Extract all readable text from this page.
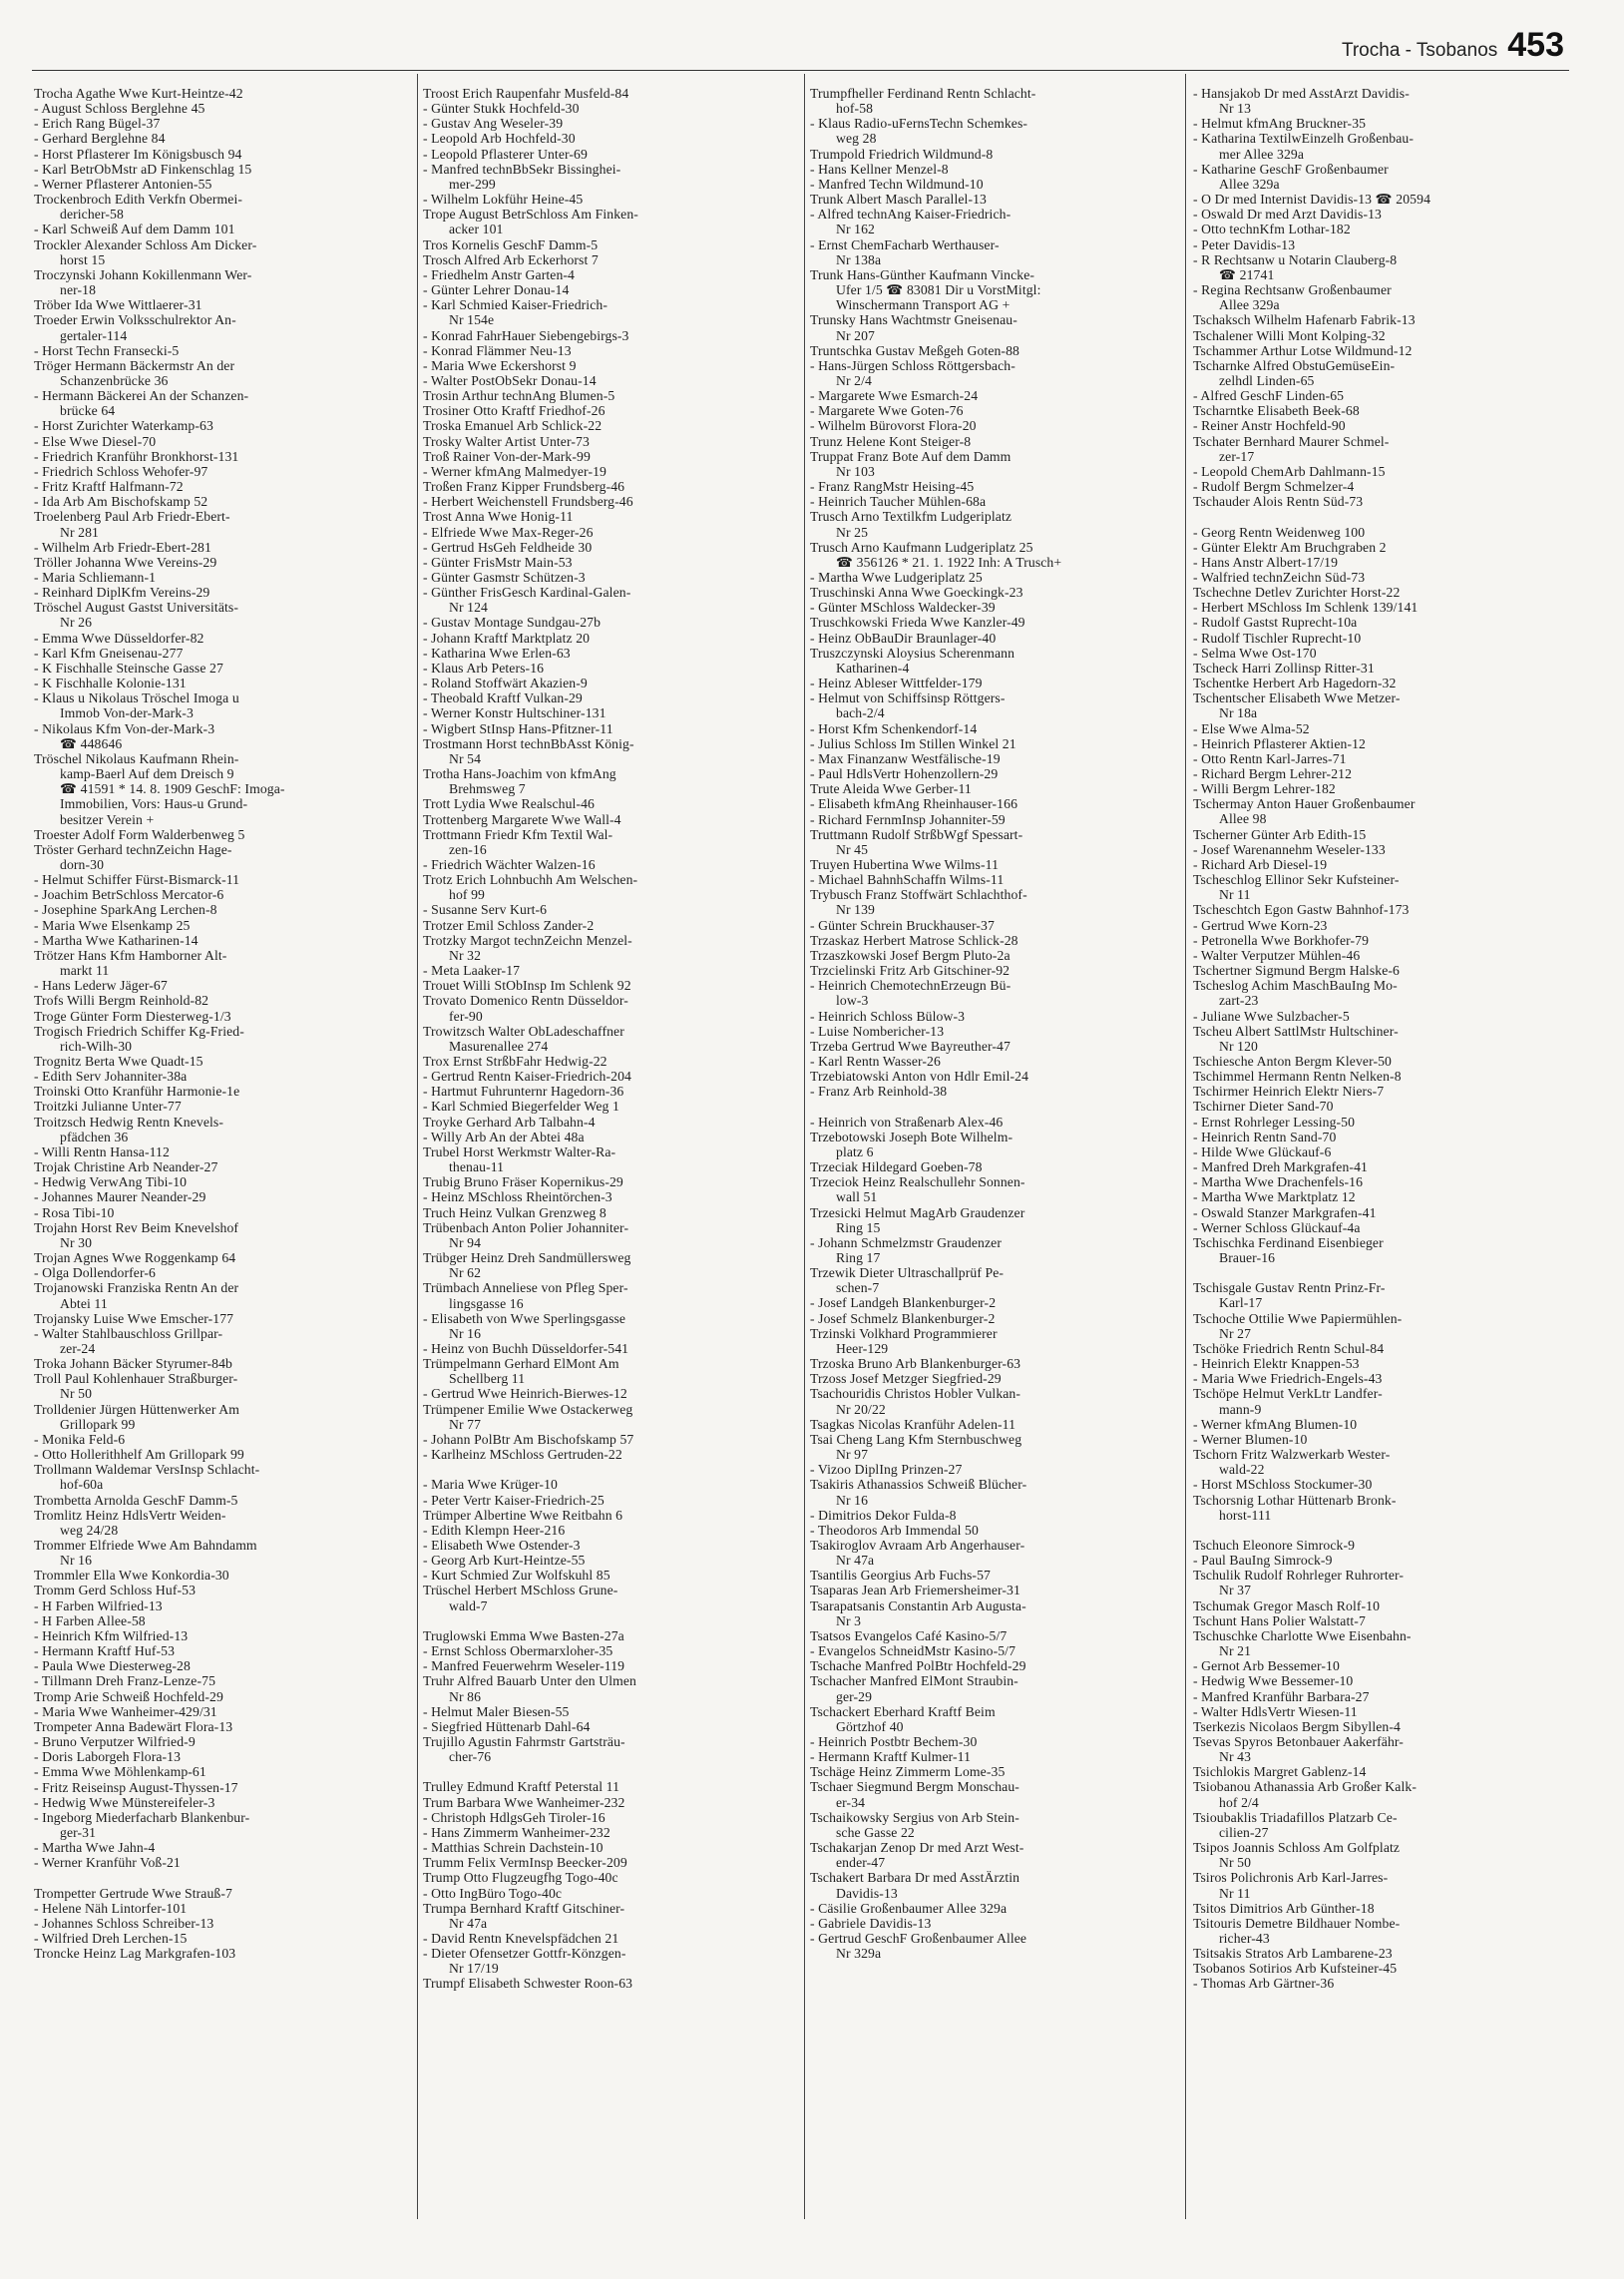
Trocha - Tsobanos 453
Trocha Agathe Wwe Kurt-Heintze-42
- August Schloss Berglehne 45
- Erich Rang Bügel-37
- Gerhard Berglehne 84
- Horst Pflasterer Im Königsbusch 94
- Karl BetrObMstr aD Finkenschlag 15
- Werner Pflasterer Antonien-55
Trockenbroch Edith Verkfn Obermei-
dericher-58
- Karl Schweiß Auf dem Damm 101
Trockler Alexander Schloss Am Dicker-
horst 15
Troczynski Johann Kokillenmann Wer-
ner-18
Tröber Ida Wwe Wittlaerer-31
Troeder Erwin Volksschulrektor An-
gertaler-114
- Horst Techn Fransecki-5
Tröger Hermann Bäckermstr An der
Schanzenbrücke 36
- Hermann Bäckerei An der Schanzen-
brücke 64
- Horst Zurichter Waterkamp-63
- Else Wwe Diesel-70
- Friedrich Kranführ Bronkhorst-131
- Friedrich Schloss Wehofer-97
- Fritz Kraftf Halfmann-72
- Ida Arb Am Bischofskamp 52
Troelenberg Paul Arb Friedr-Ebert-
Nr 281
- Wilhelm Arb Friedr-Ebert-281
Tröller Johanna Wwe Vereins-29
- Maria Schliemann-1
- Reinhard DiplKfm Vereins-29
Tröschel August Gastst Universitäts-
Nr 26
- Emma Wwe Düsseldorfer-82
- Karl Kfm Gneisenau-277
- K Fischhalle Steinsche Gasse 27
- K Fischhalle Kolonie-131
- Klaus u Nikolaus Tröschel Imoga u
Immob Von-der-Mark-3
- Nikolaus Kfm Von-der-Mark-3
☎ 448646
Tröschel Nikolaus Kaufmann Rhein-
kamp-Baerl Auf dem Dreisch 9
☎ 41591 * 14. 8. 1909 GeschF: Imoga-
Immobilien, Vors: Haus-u Grund-
besitzer Verein +
Troester Adolf Form Walderbenweg 5
Tröster Gerhard technZeichn Hage-
dorn-30
- Helmut Schiffer Fürst-Bismarck-11
- Joachim BetrSchloss Mercator-6
- Josephine SparkAng Lerchen-8
- Maria Wwe Elsenkamp 25
- Martha Wwe Katharinen-14
Trötzer Hans Kfm Hamborner Alt-
markt 11
- Hans Lederw Jäger-67
Trofs Willi Bergm Reinhold-82
Troge Günter Form Diesterweg-1/3
Trogisch Friedrich Schiffer Kg-Fried-
rich-Wilh-30
Trognitz Berta Wwe Quadt-15
- Edith Serv Johanniter-38a
Troinski Otto Kranführ Harmonie-1e
Troitzki Julianne Unter-77
Troitzsch Hedwig Rentn Knevels-
pfädchen 36
- Willi Rentn Hansa-112
Trojak Christine Arb Neander-27
- Hedwig VerwAng Tibi-10
- Johannes Maurer Neander-29
- Rosa Tibi-10
Trojahn Horst Rev Beim Knevelshof
Nr 30
Trojan Agnes Wwe Roggenkamp 64
- Olga Dollendorfer-6
Trojanowski Franziska Rentn An der
Abtei 11
Trojansky Luise Wwe Emscher-177
- Walter Stahlbauschloss Grillpar-
zer-24
Troka Johann Bäcker Styrumer-84b
Troll Paul Kohlenhauer Straßburger-
Nr 50
Trolldenier Jürgen Hüttenwerker Am
Grillopark 99
- Monika Feld-6
- Otto Hollerithhelf Am Grillopark 99
Trollmann Waldemar VersInsp Schlacht-
hof-60a
Trombetta Arnolda GeschF Damm-5
Tromlitz Heinz HdlsVertr Weiden-
weg 24/28
Trommer Elfriede Wwe Am Bahndamm
Nr 16
Trommler Ella Wwe Konkordia-30
Tromm Gerd Schloss Huf-53
- H Farben Wilfried-13
- H Farben Allee-58
- Heinrich Kfm Wilfried-13
- Hermann Kraftf Huf-53
- Paula Wwe Diesterweg-28
- Tillmann Dreh Franz-Lenze-75
Tromp Arie Schweiß Hochfeld-29
- Maria Wwe Wanheimer-429/31
Trompeter Anna Badewärt Flora-13
- Bruno Verputzer Wilfried-9
- Doris Laborgeh Flora-13
- Emma Wwe Möhlenkamp-61
- Fritz Reiseinsp August-Thyssen-17
- Hedwig Wwe Münstereifeler-3
- Ingeborg Miederfacharb Blankenbur-
ger-31
- Martha Wwe Jahn-4
- Werner Kranführ Voß-21
Trompetter Gertrude Wwe Strauß-7
- Helene Näh Lintorfer-101
- Johannes Schloss Schreiber-13
- Wilfried Dreh Lerchen-15
Troncke Heinz Lag Markgrafen-103
Troost Erich Raupenfahr Musfeld-84
- Günter Stukk Hochfeld-30
- Gustav Ang Weseler-39
- Leopold Arb Hochfeld-30
- Leopold Pflasterer Unter-69
- Manfred technBbSekr Bissinghei-
mer-299
- Wilhelm Lokführ Heine-45
Trope August BetrSchloss Am Finken-
acker 101
Tros Kornelis GeschF Damm-5
Trosch Alfred Arb Eckerhorst 7
- Friedhelm Anstr Garten-4
- Günter Lehrer Donau-14
- Karl Schmied Kaiser-Friedrich-
Nr 154e
- Konrad FahrHauer Siebengebirgs-3
- Konrad Flämmer Neu-13
- Maria Wwe Eckershorst 9
- Walter PostObSekr Donau-14
Trosin Arthur technAng Blumen-5
Trosiner Otto Kraftf Friedhof-26
Troska Emanuel Arb Schlick-22
Trosky Walter Artist Unter-73
Troß Rainer Von-der-Mark-99
- Werner kfmAng Malmedyer-19
Troßen Franz Kipper Frundsberg-46
- Herbert Weichenstell Frundsberg-46
Trost Anna Wwe Honig-11
- Elfriede Wwe Max-Reger-26
- Gertrud HsGeh Feldheide 30
- Günter FrisMstr Main-53
- Günter Gasmstr Schützen-3
- Günther FrisGesch Kardinal-Galen-
Nr 124
- Gustav Montage Sundgau-27b
- Johann Kraftf Marktplatz 20
- Katharina Wwe Erlen-63
- Klaus Arb Peters-16
- Roland Stoffwärt Akazien-9
- Theobald Kraftf Vulkan-29
- Werner Konstr Hultschiner-131
- Wigbert StInsp Hans-Pfitzner-11
Trostmann Horst technBbAsst König-
Nr 54
Trotha Hans-Joachim von kfmAng
Brehmsweg 7
Trott Lydia Wwe Realschul-46
Trottenberg Margarete Wwe Wall-4
Trottmann Friedr Kfm Textil Wal-
zen-16
- Friedrich Wächter Walzen-16
Trotz Erich Lohnbuchh Am Welschen-
hof 99
- Susanne Serv Kurt-6
Trotzer Emil Schloss Zander-2
Trotzky Margot technZeichn Menzel-
Nr 32
- Meta Laaker-17
Trouet Willi StObInsp Im Schlenk 92
Trovato Domenico Rentn Düsseldor-
fer-90
Trowitzsch Walter ObLadeschaffner
Masurenallee 274
Trox Ernst StrßbFahr Hedwig-22
- Gertrud Rentn Kaiser-Friedrich-204
- Hartmut Fuhrunternr Hagedorn-36
- Karl Schmied Biegerfelder Weg 1
Troyke Gerhard Arb Talbahn-4
- Willy Arb An der Abtei 48a
Trubel Horst Werkmstr Walter-Ra-
thenau-11
Trubig Bruno Fräser Kopernikus-29
- Heinz MSchloss Rheintörchen-3
Truch Heinz Vulkan Grenzweg 8
Trübenbach Anton Polier Johanniter-
Nr 94
Trübger Heinz Dreh Sandmüllersweg
Nr 62
Trümbach Anneliese von Pfleg Sper-
lingsgasse 16
- Elisabeth von Wwe Sperlingsgasse
Nr 16
- Heinz von Buchh Düsseldorfer-541
Trümpelmann Gerhard ElMont Am
Schellberg 11
- Gertrud Wwe Heinrich-Bierwes-12
Trümpener Emilie Wwe Ostackerweg
Nr 77
- Johann PolBtr Am Bischofskamp 57
- Karlheinz MSchloss Gertruden-22
- Maria Wwe Krüger-10
- Peter Vertr Kaiser-Friedrich-25
Trümper Albertine Wwe Reitbahn 6
- Edith Klempn Heer-216
- Elisabeth Wwe Ostender-3
- Georg Arb Kurt-Heintze-55
- Kurt Schmied Zur Wolfskuhl 85
Trüschel Herbert MSchloss Grune-
wald-7
Truglowski Emma Wwe Basten-27a
- Ernst Schloss Obermarxloher-35
- Manfred Feuerwehrm Weseler-119
Truhr Alfred Bauarb Unter den Ulmen
Nr 86
- Helmut Maler Biesen-55
- Siegfried Hüttenarb Dahl-64
Trujillo Agustin Fahrmstr Gartsträu-
cher-76
Trulley Edmund Kraftf Peterstal 11
Trum Barbara Wwe Wanheimer-232
- Christoph HdlgsGeh Tiroler-16
- Hans Zimmerm Wanheimer-232
- Matthias Schrein Dachstein-10
Trumm Felix VermInsp Beecker-209
Trump Otto Flugzeugfhg Togo-40c
- Otto IngBüro Togo-40c
Trumpa Bernhard Kraftf Gitschiner-
Nr 47a
- David Rentn Knevelspfädchen 21
- Dieter Ofensetzer Gottfr-Könzgen-
Nr 17/19
Trumpf Elisabeth Schwester Roon-63
Trumpfheller Ferdinand Rentn Schlacht-
hof-58
- Klaus Radio-uFernsTechn Schemkes-
weg 28
Trumpold Friedrich Wildmund-8
- Hans Kellner Menzel-8
- Manfred Techn Wildmund-10
Trunk Albert Masch Parallel-13
- Alfred technAng Kaiser-Friedrich-
Nr 162
- Ernst ChemFacharb Werthauser-
Nr 138a
Trunk Hans-Günther Kaufmann Vincke-
Ufer 1/5 ☎ 83081 Dir u VorstMitgl:
Winschermann Transport AG +
Trunsky Hans Wachtmstr Gneisenau-
Nr 207
Truntschka Gustav Meßgeh Goten-88
- Hans-Jürgen Schloss Röttgersbach-
Nr 2/4
- Margarete Wwe Esmarch-24
- Margarete Wwe Goten-76
- Wilhelm Bürovorst Flora-20
Trunz Helene Kont Steiger-8
Truppat Franz Bote Auf dem Damm
Nr 103
- Franz RangMstr Heising-45
- Heinrich Taucher Mühlen-68a
Trusch Arno Textilkfm Ludgeriplatz
Nr 25
Trusch Arno Kaufmann Ludgeriplatz 25
☎ 356126 * 21. 1. 1922 Inh: A Trusch+
- Martha Wwe Ludgeriplatz 25
Truschinski Anna Wwe Goeckingk-23
- Günter MSchloss Waldecker-39
Truschkowski Frieda Wwe Kanzler-49
- Heinz ObBauDir Braunlager-40
Truszczynski Aloysius Scherenmann
Katharinen-4
- Heinz Ableser Wittfelder-179
- Helmut von Schiffsinsp Röttgers-
bach-2/4
- Horst Kfm Schenkendorf-14
- Julius Schloss Im Stillen Winkel 21
- Max Finanzanw Westfälische-19
- Paul HdlsVertr Hohenzollern-29
Trute Aleida Wwe Gerber-11
- Elisabeth kfmAng Rheinhauser-166
- Richard FernmInsp Johanniter-59
Truttmann Rudolf StrßbWgf Spessart-
Nr 45
Truyen Hubertina Wwe Wilms-11
- Michael BahnhSchaffn Wilms-11
Trybusch Franz Stoffwärt Schlachthof-
Nr 139
- Günter Schrein Bruckhauser-37
Trzaskaz Herbert Matrose Schlick-28
Trzaszkowski Josef Bergm Pluto-2a
Trzcielinski Fritz Arb Gitschiner-92
- Heinrich ChemotechnErzeugn Bü-
low-3
- Heinrich Schloss Bülow-3
- Luise Nombericher-13
Trzeba Gertrud Wwe Bayreuther-47
- Karl Rentn Wasser-26
Trzebiatowski Anton von Hdlr Emil-24
- Franz Arb Reinhold-38
- Heinrich von Straßenarb Alex-46
Trzebotowski Joseph Bote Wilhelm-
platz 6
Trzeciak Hildegard Goeben-78
Trzeciok Heinz Realschullehr Sonnen-
wall 51
Trzesicki Helmut MagArb Graudenzer
Ring 15
- Johann Schmelzmstr Graudenzer
Ring 17
Trzewik Dieter Ultraschallprüf Pe-
schen-7
- Josef Landgeh Blankenburger-2
- Josef Schmelz Blankenburger-2
Trzinski Volkhard Programmierer
Heer-129
Trzoska Bruno Arb Blankenburger-63
Trzoss Josef Metzger Siegfried-29
Tsachouridis Christos Hobler Vulkan-
Nr 20/22
Tsagkas Nicolas Kranführ Adelen-11
Tsai Cheng Lang Kfm Sternbuschweg
Nr 97
- Vizoo DiplIng Prinzen-27
Tsakiris Athanassios Schweiß Blücher-
Nr 16
- Dimitrios Dekor Fulda-8
- Theodoros Arb Immendal 50
Tsakiroglov Avraam Arb Angerhauser-
Nr 47a
Tsantilis Georgius Arb Fuchs-57
Tsaparas Jean Arb Friemersheimer-31
Tsarapatsanis Constantin Arb Augusta-
Nr 3
Tsatsos Evangelos Café Kasino-5/7
- Evangelos SchneidMstr Kasino-5/7
Tschache Manfred PolBtr Hochfeld-29
Tschacher Manfred ElMont Straubin-
ger-29
Tschackert Eberhard Kraftf Beim
Görtzhof 40
- Heinrich Postbtr Bechem-30
- Hermann Kraftf Kulmer-11
Tschäge Heinz Zimmerm Lome-35
Tschaer Siegmund Bergm Monschau-
er-34
Tschaikowsky Sergius von Arb Stein-
sche Gasse 22
Tschakarjan Zenop Dr med Arzt West-
ender-47
Tschakert Barbara Dr med AsstÄrztin
Davidis-13
- Cäsilie Großenbaumer Allee 329a
- Gabriele Davidis-13
- Gertrud GeschF Großenbaumer Allee
Nr 329a
- Hansjakob Dr med AsstArzt Davidis-
Nr 13
- Helmut kfmAng Bruckner-35
- Katharina TextilwEinzelh Großenbau-
mer Allee 329a
- Katharine GeschF Großenbaumer
Allee 329a
- O Dr med Internist Davidis-13 ☎ 20594
- Oswald Dr med Arzt Davidis-13
- Otto technKfm Lothar-182
- Peter Davidis-13
- R Rechtsanw u Notarin Clauberg-8
☎ 21741
- Regina Rechtsanw Großenbaumer
Allee 329a
Tschaksch Wilhelm Hafenarb Fabrik-13
Tschalener Willi Mont Kolping-32
Tschammer Arthur Lotse Wildmund-12
Tscharnke Alfred ObstuGemüseEin-
zelhdl Linden-65
- Alfred GeschF Linden-65
Tscharntke Elisabeth Beek-68
- Reiner Anstr Hochfeld-90
Tschater Bernhard Maurer Schmel-
zer-17
- Leopold ChemArb Dahlmann-15
- Rudolf Bergm Schmelzer-4
Tschauder Alois Rentn Süd-73
- Georg Rentn Weidenweg 100
- Günter Elektr Am Bruchgraben 2
- Hans Anstr Albert-17/19
- Walfried technZeichn Süd-73
Tschechne Detlev Zurichter Horst-22
- Herbert MSchloss Im Schlenk 139/141
- Rudolf Gastst Ruprecht-10a
- Rudolf Tischler Ruprecht-10
- Selma Wwe Ost-170
Tscheck Harri Zollinsp Ritter-31
Tschentke Herbert Arb Hagedorn-32
Tschentscher Elisabeth Wwe Metzer-
Nr 18a
- Else Wwe Alma-52
- Heinrich Pflasterer Aktien-12
- Otto Rentn Karl-Jarres-71
- Richard Bergm Lehrer-212
- Willi Bergm Lehrer-182
Tschermay Anton Hauer Großenbaumer
Allee 98
Tscherner Günter Arb Edith-15
- Josef Warenannehm Weseler-133
- Richard Arb Diesel-19
Tscheschlog Ellinor Sekr Kufsteiner-
Nr 11
Tscheschtch Egon Gastw Bahnhof-173
- Gertrud Wwe Korn-23
- Petronella Wwe Borkhofer-79
- Walter Verputzer Mühlen-46
Tschertner Sigmund Bergm Halske-6
Tscheslog Achim MaschBauIng Mo-
zart-23
- Juliane Wwe Sulzbacher-5
Tscheu Albert SattlMstr Hultschiner-
Nr 120
Tschiesche Anton Bergm Klever-50
Tschimmel Hermann Rentn Nelken-8
Tschirmer Heinrich Elektr Niers-7
Tschirner Dieter Sand-70
- Ernst Rohrleger Lessing-50
- Heinrich Rentn Sand-70
- Hilde Wwe Glückauf-6
- Manfred Dreh Markgrafen-41
- Martha Wwe Drachenfels-16
- Martha Wwe Marktplatz 12
- Oswald Stanzer Markgrafen-41
- Werner Schloss Glückauf-4a
Tschischka Ferdinand Eisenbieger
Brauer-16
Tschisgale Gustav Rentn Prinz-Fr-
Karl-17
Tschoche Ottilie Wwe Papiermühlen-
Nr 27
Tschöke Friedrich Rentn Schul-84
- Heinrich Elektr Knappen-53
- Maria Wwe Friedrich-Engels-43
Tschöpe Helmut VerkLtr Landfer-
mann-9
- Werner kfmAng Blumen-10
- Werner Blumen-10
Tschorn Fritz Walzwerkarb Wester-
wald-22
- Horst MSchloss Stockumer-30
Tschorsnig Lothar Hüttenarb Bronk-
horst-111
Tschuch Eleonore Simrock-9
- Paul BauIng Simrock-9
Tschulik Rudolf Rohrleger Ruhrorter-
Nr 37
Tschumak Gregor Masch Rolf-10
Tschunt Hans Polier Walstatt-7
Tschuschke Charlotte Wwe Eisenbahn-
Nr 21
- Gernot Arb Bessemer-10
- Hedwig Wwe Bessemer-10
- Manfred Kranführ Barbara-27
- Walter HdlsVertr Wiesen-11
Tserkezis Nicolaos Bergm Sibyllen-4
Tsevas Spyros Betonbauer Aakerfähr-
Nr 43
Tsichlokis Margret Gablenz-14
Tsiobanou Athanassia Arb Großer Kalk-
hof 2/4
Tsioubaklis Triadafillos Platzarb Ce-
cilien-27
Tsipos Joannis Schloss Am Golfplatz
Nr 50
Tsiros Polichronis Arb Karl-Jarres-
Nr 11
Tsitos Dimitrios Arb Günther-18
Tsitouris Demetre Bildhauer Nombe-
richer-43
Tsitsakis Stratos Arb Lambarene-23
Tsobanos Sotirios Arb Kufsteiner-45
- Thomas Arb Gärtner-36
